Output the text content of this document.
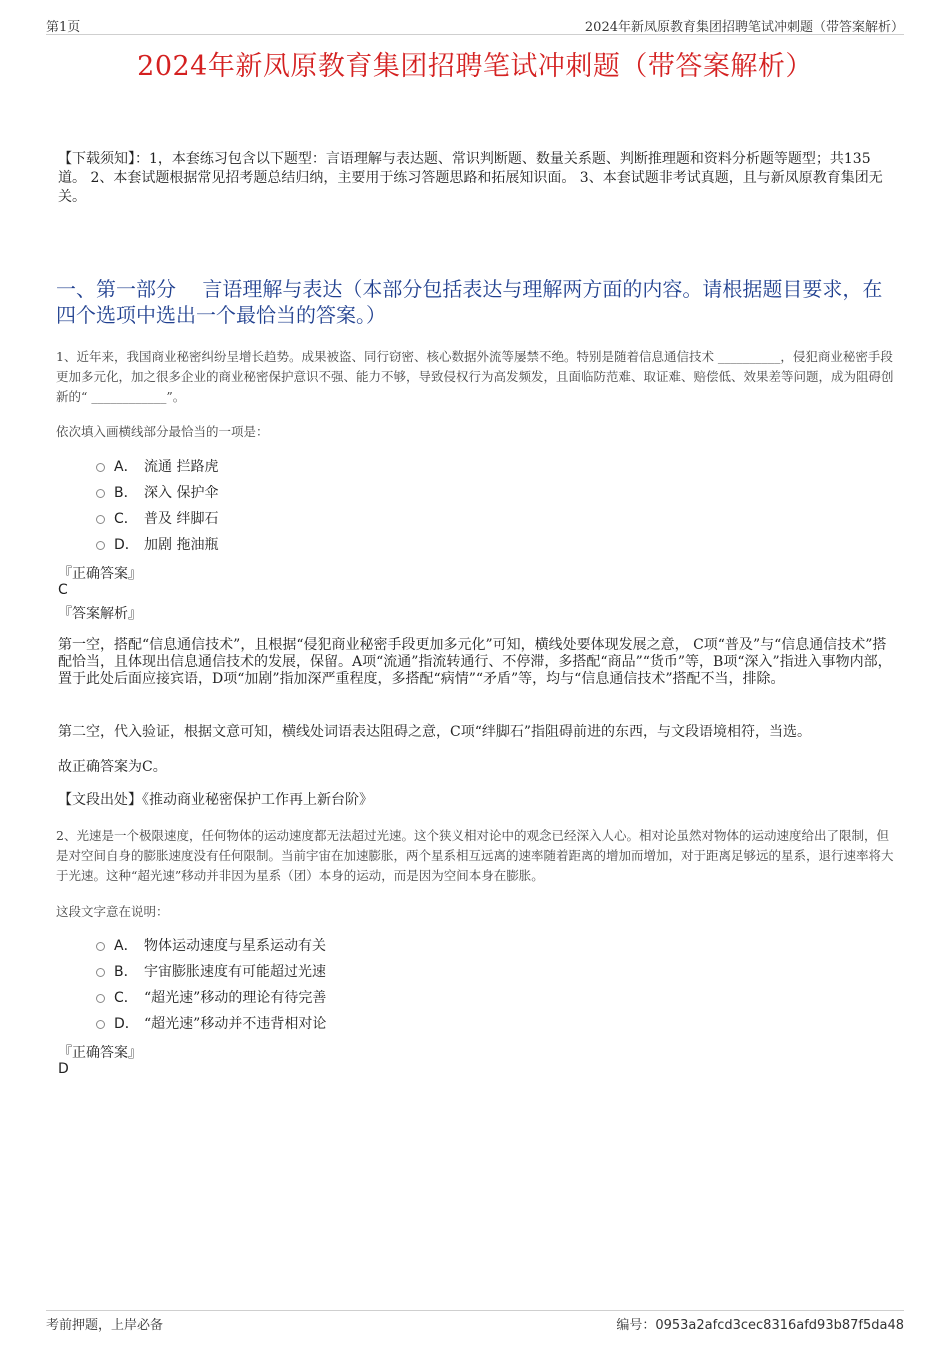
第1页	2024年新凤原教育集团招聘笔试冲刺题（带答案解析）
2024年新凤原教育集团招聘笔试冲刺题（带答案解析）
【下载须知】：1，本套练习包含以下题型：言语理解与表达题、常识判断题、数量关系题、判断推理题和资料分析题等题型；共135道。 2、本套试题根据常见招考题总结归纳，主要用于练习答题思路和拓展知识面。 3、本套试题非考试真题，且与新凤原教育集团无关。
一、第一部分　 言语理解与表达（本部分包括表达与理解两方面的内容。请根据题目要求，在四个选项中选出一个最恰当的答案。）
1、近年来，我国商业秘密纠纷呈增长趋势。成果被盗、同行窃密、核心数据外流等屡禁不绝。特别是随着信息通信技术 __________，侵犯商业秘密手段更加多元化，加之很多企业的商业秘密保护意识不强、能力不够，导致侵权行为高发频发，且面临防范难、取证难、赔偿低、效果差等问题，成为阻碍创新的“ ____________”。
依次填入画横线部分最恰当的一项是：
A． 流通 拦路虎
B． 深入 保护伞
C． 普及 绊脚石
D． 加剧 拖油瓶
『正确答案』
C
『答案解析』
第一空，搭配“信息通信技术”，且根据“侵犯商业秘密手段更加多元化”可知，横线处要体现发展之意， C项“普及”与“信息通信技术”搭配恰当，且体现出信息通信技术的发展，保留。A项“流通”指流转通行、不停滞，多搭配“商品”“货币”等，B项“深入”指进入事物内部，置于此处后面应接宾语，D项“加剧”指加深严重程度，多搭配“病情”“矛盾”等，均与“信息通信技术”搭配不当，排除。
第二空，代入验证，根据文意可知，横线处词语表达阻碍之意，C项“绊脚石”指阻碍前进的东西，与文段语境相符，当选。
故正确答案为C。
【文段出处】《推动商业秘密保护工作再上新台阶》
2、光速是一个极限速度，任何物体的运动速度都无法超过光速。这个狭义相对论中的观念已经深入人心。相对论虽然对物体的运动速度给出了限制，但是对空间自身的膨胀速度没有任何限制。当前宇宙在加速膨胀，两个星系相互远离的速率随着距离的增加而增加，对于距离足够远的星系，退行速率将大于光速。这种“超光速”移动并非因为星系（团）本身的运动，而是因为空间本身在膨胀。
这段文字意在说明：
A． 物体运动速度与星系运动有关
B． 宇宙膨胀速度有可能超过光速
C． “超光速”移动的理论有待完善
D． “超光速”移动并不违背相对论
『正确答案』
D
考前押题，上岸必备	编号：0953a2afcd3cec8316afd93b87f5da48
